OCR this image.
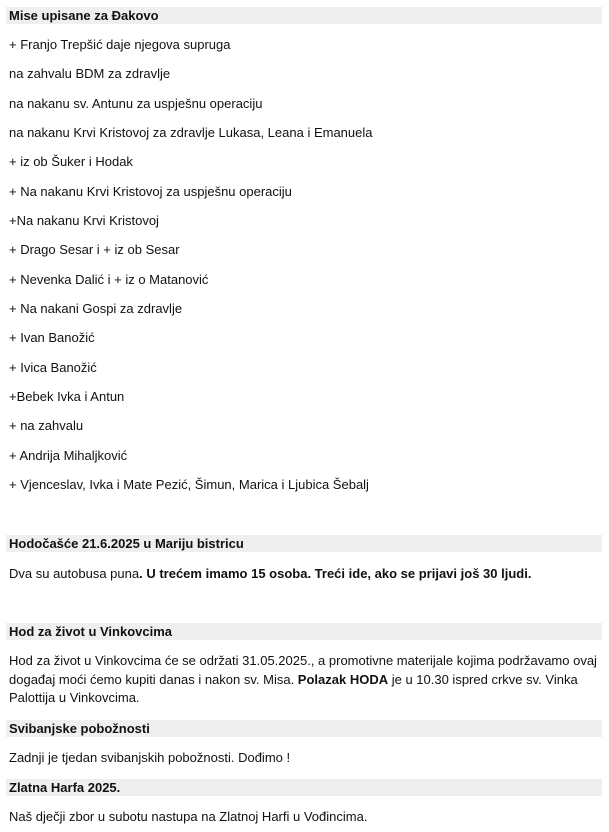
Mise upisane za Đakovo
+ Franjo Trepšić daje njegova supruga
na zahvalu BDM za zdravlje
na nakanu sv. Antunu za uspješnu operaciju
na nakanu Krvi Kristovoj za zdravlje Lukasa, Leana i Emanuela
+ iz ob Šuker i Hodak
+ Na nakanu Krvi Kristovoj za uspješnu operaciju
+Na nakanu Krvi Kristovoj
+ Drago Sesar i + iz ob Sesar
+ Nevenka Dalić i + iz o Matanović
+ Na nakani Gospi za zdravlje
+ Ivan Banožić
+ Ivica Banožić
+Bebek Ivka i Antun
+ na zahvalu
+ Andrija Mihaljković
+ Vjenceslav, Ivka i Mate Pezić, Šimun, Marica i Ljubica Šebalj
Hodočašće 21.6.2025 u Mariju bistricu
Dva su autobusa puna. U trećem imamo 15 osoba. Treći ide, ako se prijavi još 30 ljudi.
Hod za život u Vinkovcima
Hod za život u Vinkovcima će se održati 31.05.2025., a promotivne materijale kojima podržavamo ovaj događaj moći ćemo kupiti danas i nakon sv. Misa. Polazak HODA je u 10.30 ispred crkve sv. Vinka Palottija u Vinkovcima.
Svibanjske pobožnosti
Zadnji je tjedan svibanjskih pobožnosti. Dođimo !
Zlatna Harfa 2025.
Naš dječji zbor u subotu nastupa na Zlatnoj Harfi u Vođincima.
